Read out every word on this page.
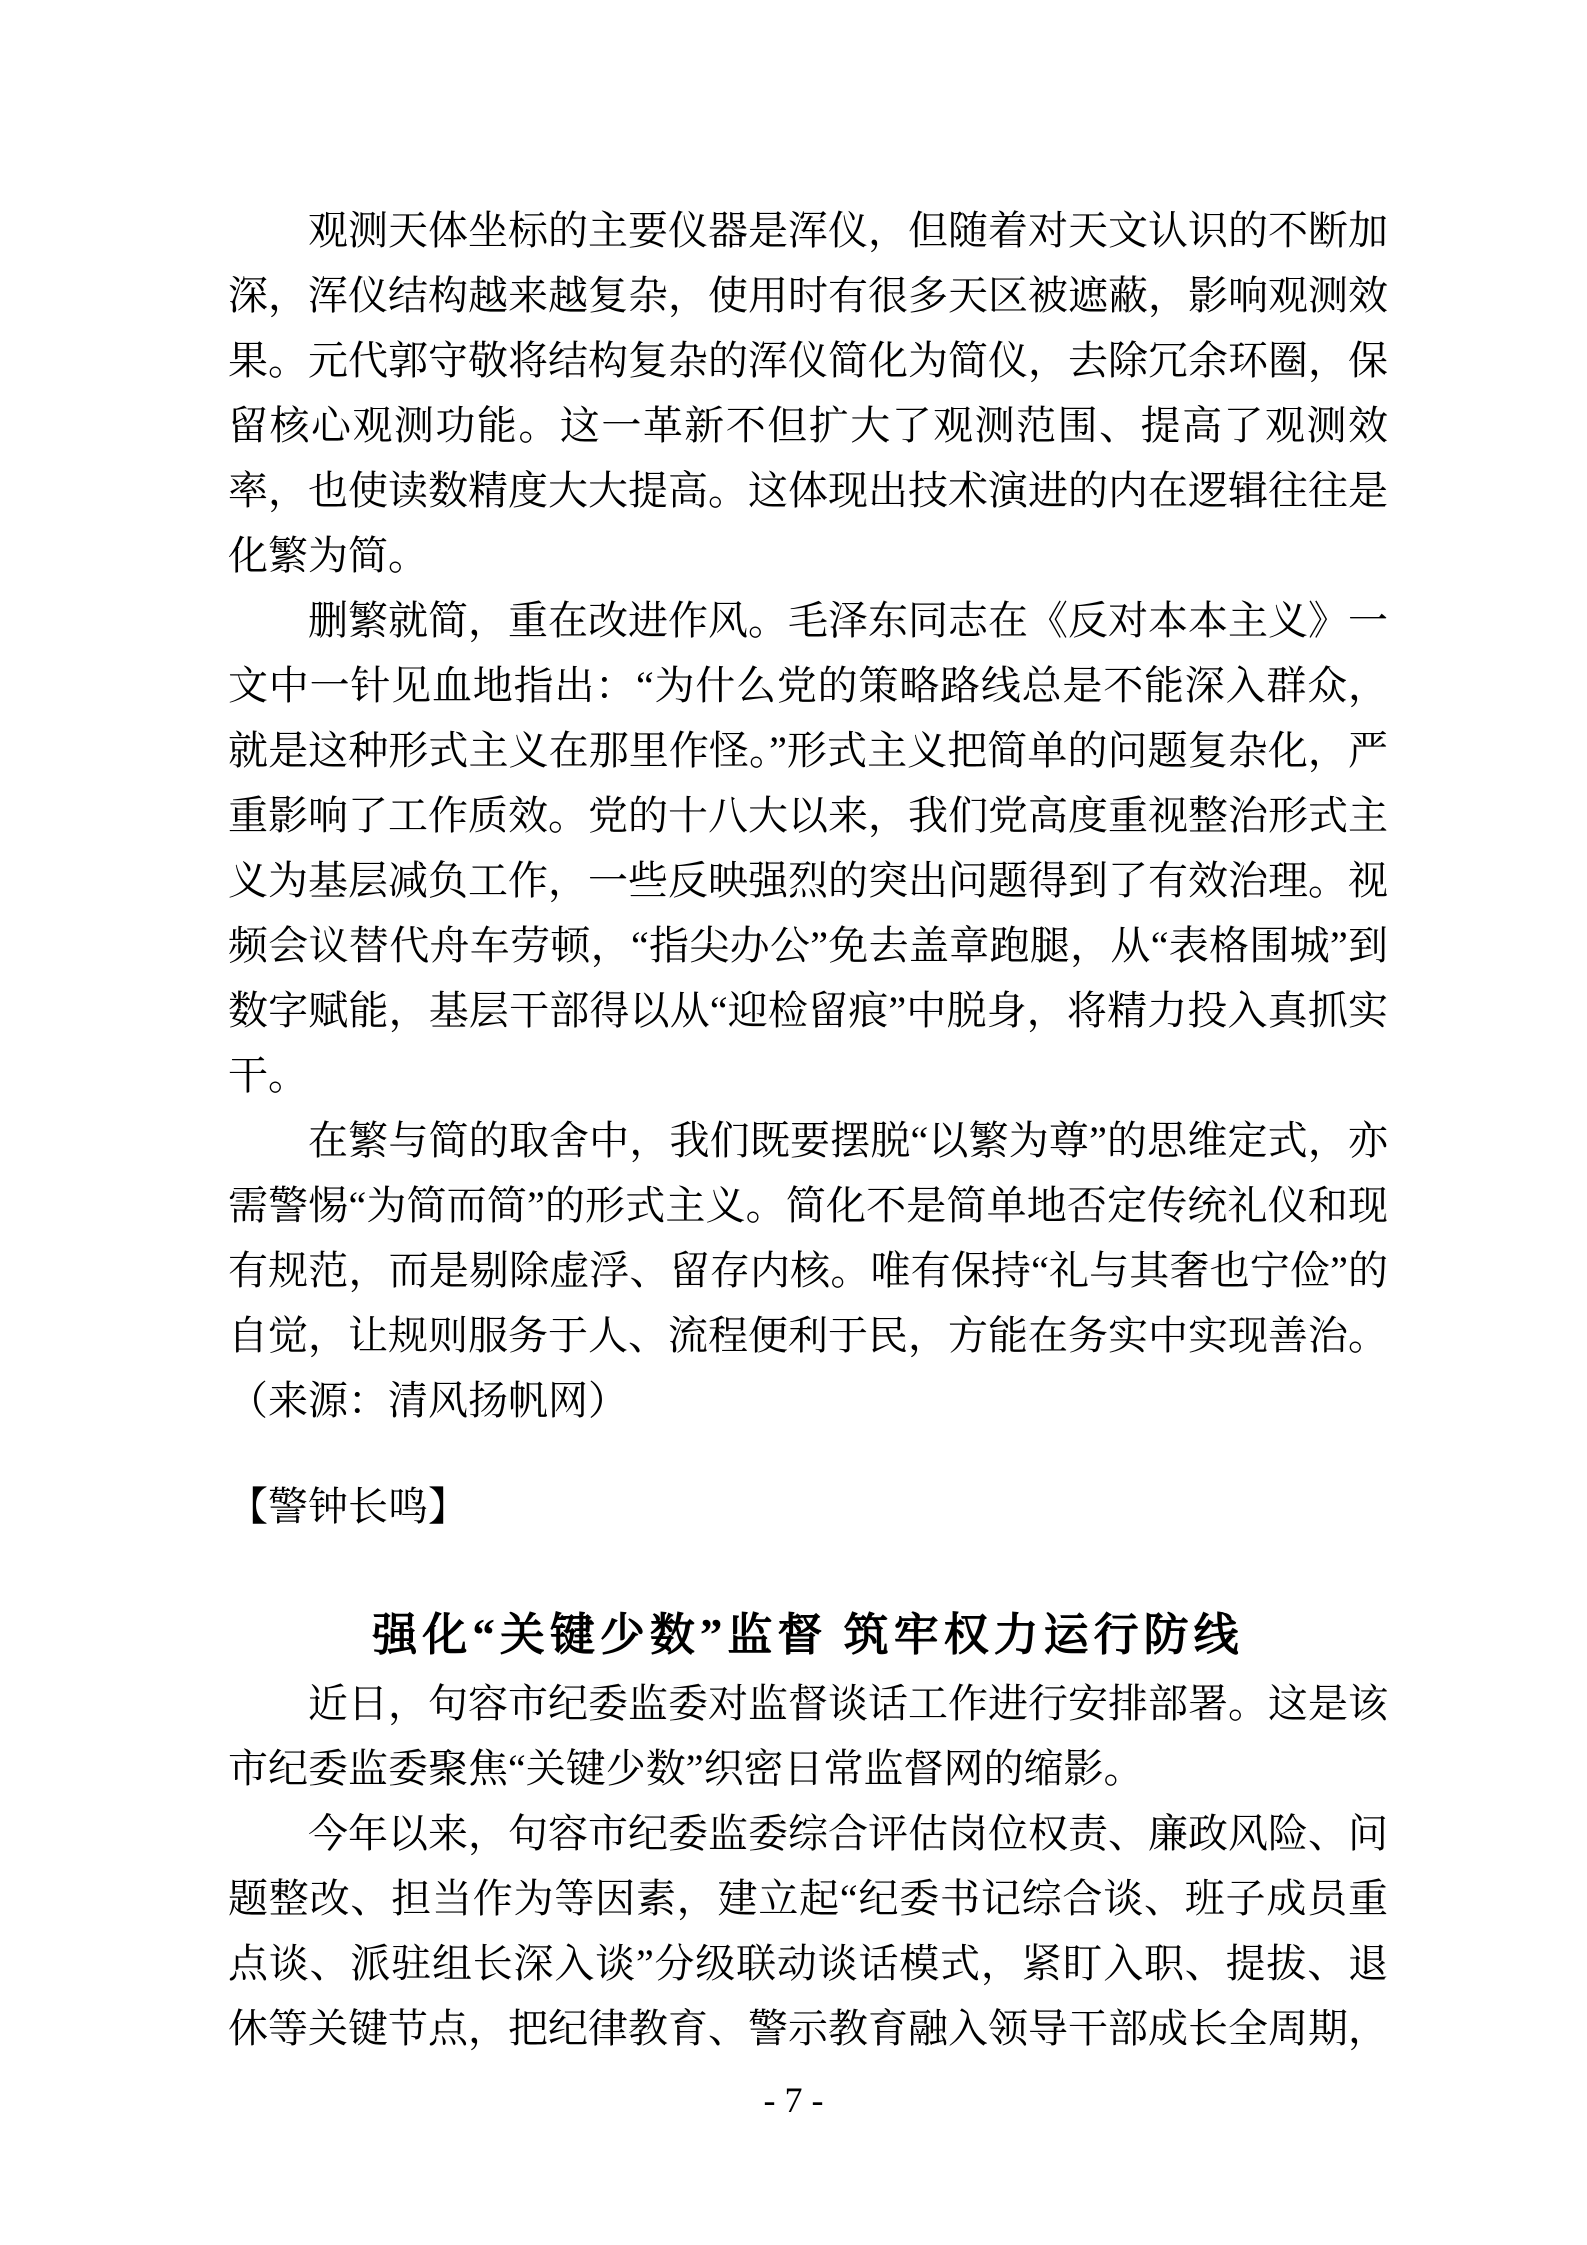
观测天体坐标的主要仪器是浑仪，但随着对天文认识的不断加深，浑仪结构越来越复杂，使用时有很多天区被遮蔽，影响观测效果。元代郭守敬将结构复杂的浑仪简化为简仪，去除冗余环圈，保留核心观测功能。这一革新不但扩大了观测范围、提高了观测效率，也使读数精度大大提高。这体现出技术演进的内在逻辑往往是化繁为简。

删繁就简，重在改进作风。毛泽东同志在《反对本本主义》一文中一针见血地指出：“为什么党的策略路线总是不能深入群众，就是这种形式主义在那里作怪。”形式主义把简单的问题复杂化，严重影响了工作质效。党的十八大以来，我们党高度重视整治形式主义为基层减负工作，一些反映强烈的突出问题得到了有效治理。视频会议替代舟车劳顿，“指尖办公”免去盖章跑腿，从“表格围城”到数字赋能，基层干部得以从“迎检留痕”中脱身，将精力投入真抓实干。

在繁与简的取舍中，我们既要摆脱“以繁为尊”的思维定式，亦需警惕“为简而简”的形式主义。简化不是简单地否定传统礼仪和现有规范，而是剔除虚浮、留存内核。唯有保持“礼与其奢也宁俭”的自觉，让规则服务于人、流程便利于民，方能在务实中实现善治。（来源：清风扬帆网）

【警钟长鸣】

强化“关键少数”监督 筑牢权力运行防线

近日，句容市纪委监委对监督谈话工作进行安排部署。这是该市纪委监委聚焦“关键少数”织密日常监督网的缩影。

今年以来，句容市纪委监委综合评估岗位权责、廉政风险、问题整改、担当作为等因素，建立起“纪委书记综合谈、班子成员重点谈、派驻组长深入谈”分级联动谈话模式，紧盯入职、提拔、退休等关键节点，把纪律教育、警示教育融入领导干部成长全周期，

- 7 -
